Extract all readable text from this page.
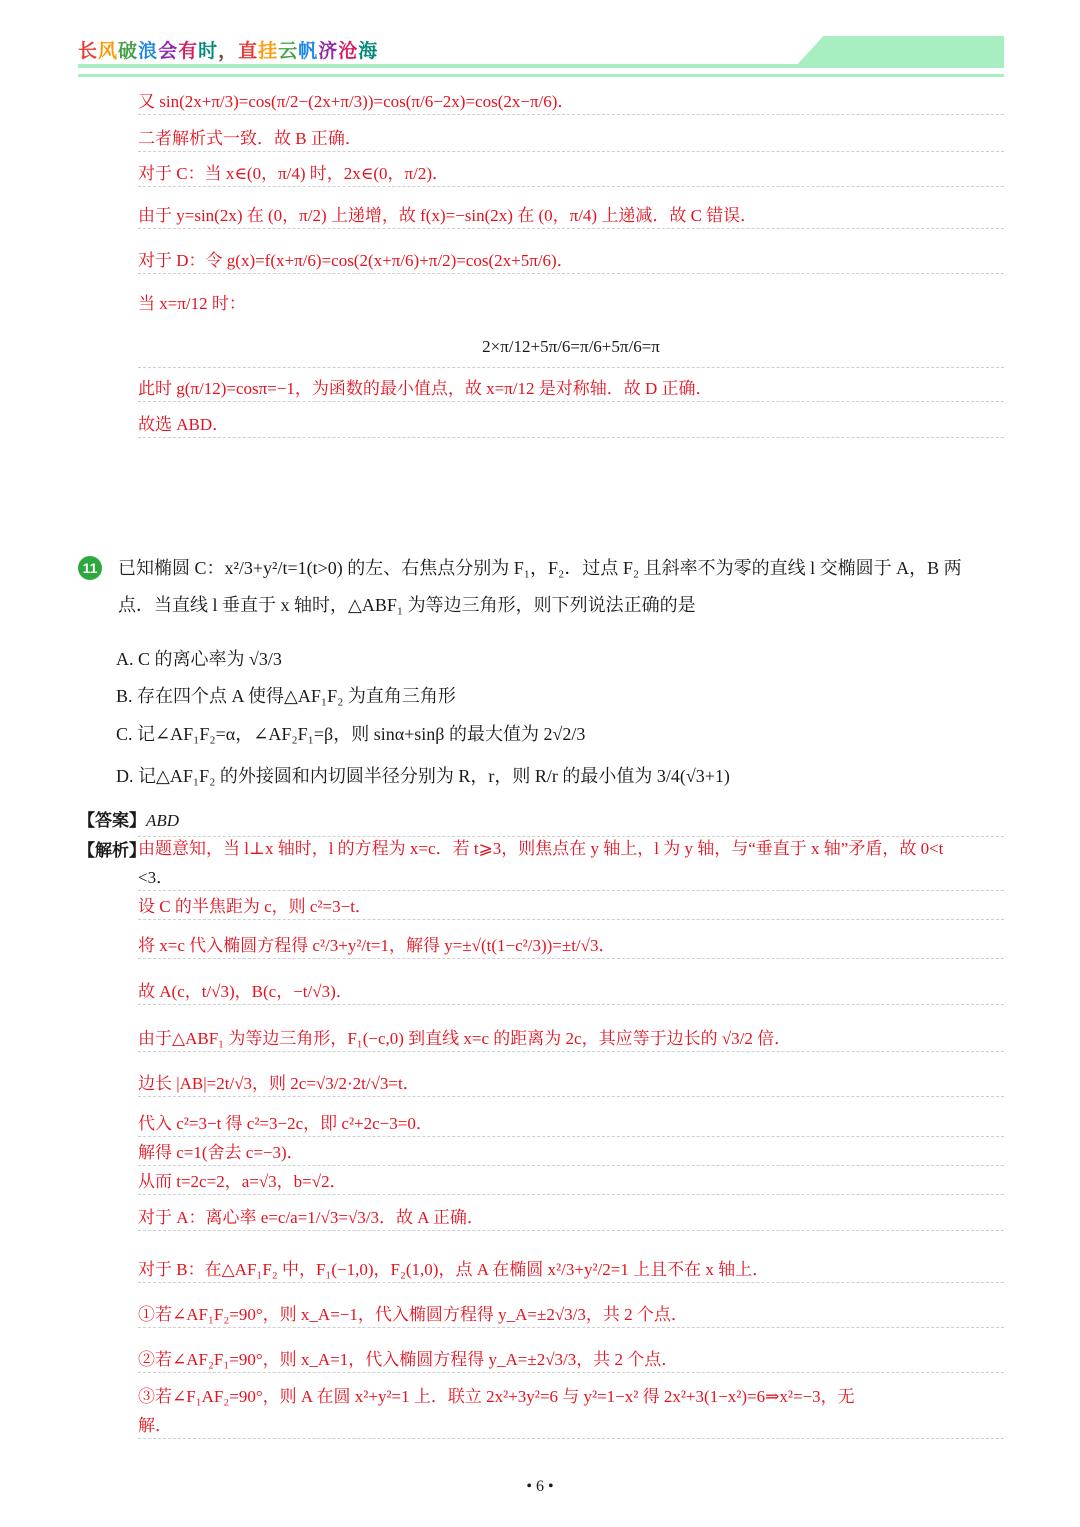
长风破浪会有时，直挂云帆济沧海
又 sin(2x+π/3)=cos(π/2−(2x+π/3))=cos(π/6−2x)=cos(2x−π/6)．
二者解析式一致．故 B 正确．
对于 C：当 x∈(0，π/4) 时，2x∈(0，π/2)．
由于 y=sin(2x) 在 (0，π/2) 上递增，故 f(x)=−sin(2x) 在 (0，π/4) 上递减．故 C 错误．
对于 D：令 g(x)=f(x+π/6)=cos(2(x+π/6)+π/2)=cos(2x+5π/6)．
当 x=π/12 时：
2×π/12+5π/6=π/6+5π/6=π
此时 g(π/12)=cosπ=−1，为函数的最小值点，故 x=π/12 是对称轴．故 D 正确．
故选 ABD．
11 已知椭圆 C：x²/3+y²/t=1(t>0) 的左、右焦点分别为 F₁，F₂．过点 F₂ 且斜率不为零的直线 l 交椭圆于 A，B 两
点．当直线 l 垂直于 x 轴时，△ABF₁ 为等边三角形，则下列说法正确的是
A. C 的离心率为 √3/3
B. 存在四个点 A 使得△AF₁F₂ 为直角三角形
C. 记∠AF₁F₂=α，∠AF₂F₁=β，则 sinα+sinβ 的最大值为 2√2/3
D. 记△AF₁F₂ 的外接圆和内切圆半径分别为 R，r，则 R/r 的最小值为 3/4(√3+1)
【答案】ABD
【解析】
由题意知，当 l⊥x 轴时，l 的方程为 x=c．若 t⩾3，则焦点在 y 轴上，l 为 y 轴，与“垂直于 x 轴”矛盾，故 0<t
<3．
设 C 的半焦距为 c，则 c²=3−t．
将 x=c 代入椭圆方程得 c²/3+y²/t=1，解得 y=±√(t(1−c²/3))=±t/√3．
故 A(c，t/√3)，B(c，−t/√3)．
由于△ABF₁ 为等边三角形，F₁(−c,0) 到直线 x=c 的距离为 2c，其应等于边长的 √3/2 倍．
边长 |AB|=2t/√3，则 2c=√3/2·2t/√3=t．
代入 c²=3−t 得 c²=3−2c，即 c²+2c−3=0．
解得 c=1(舍去 c=−3)．
从而 t=2c=2，a=√3，b=√2．
对于 A：离心率 e=c/a=1/√3=√3/3．故 A 正确．
对于 B：在△AF₁F₂ 中，F₁(−1,0)，F₂(1,0)，点 A 在椭圆 x²/3+y²/2=1 上且不在 x 轴上．
①若∠AF₁F₂=90°，则 x_A=−1，代入椭圆方程得 y_A=±2√3/3，共 2 个点．
②若∠AF₂F₁=90°，则 x_A=1，代入椭圆方程得 y_A=±2√3/3，共 2 个点．
③若∠F₁AF₂=90°，则 A 在圆 x²+y²=1 上．联立 2x²+3y²=6 与 y²=1−x² 得 2x²+3(1−x²)=6⇒x²=−3，无
解．
• 6 •
